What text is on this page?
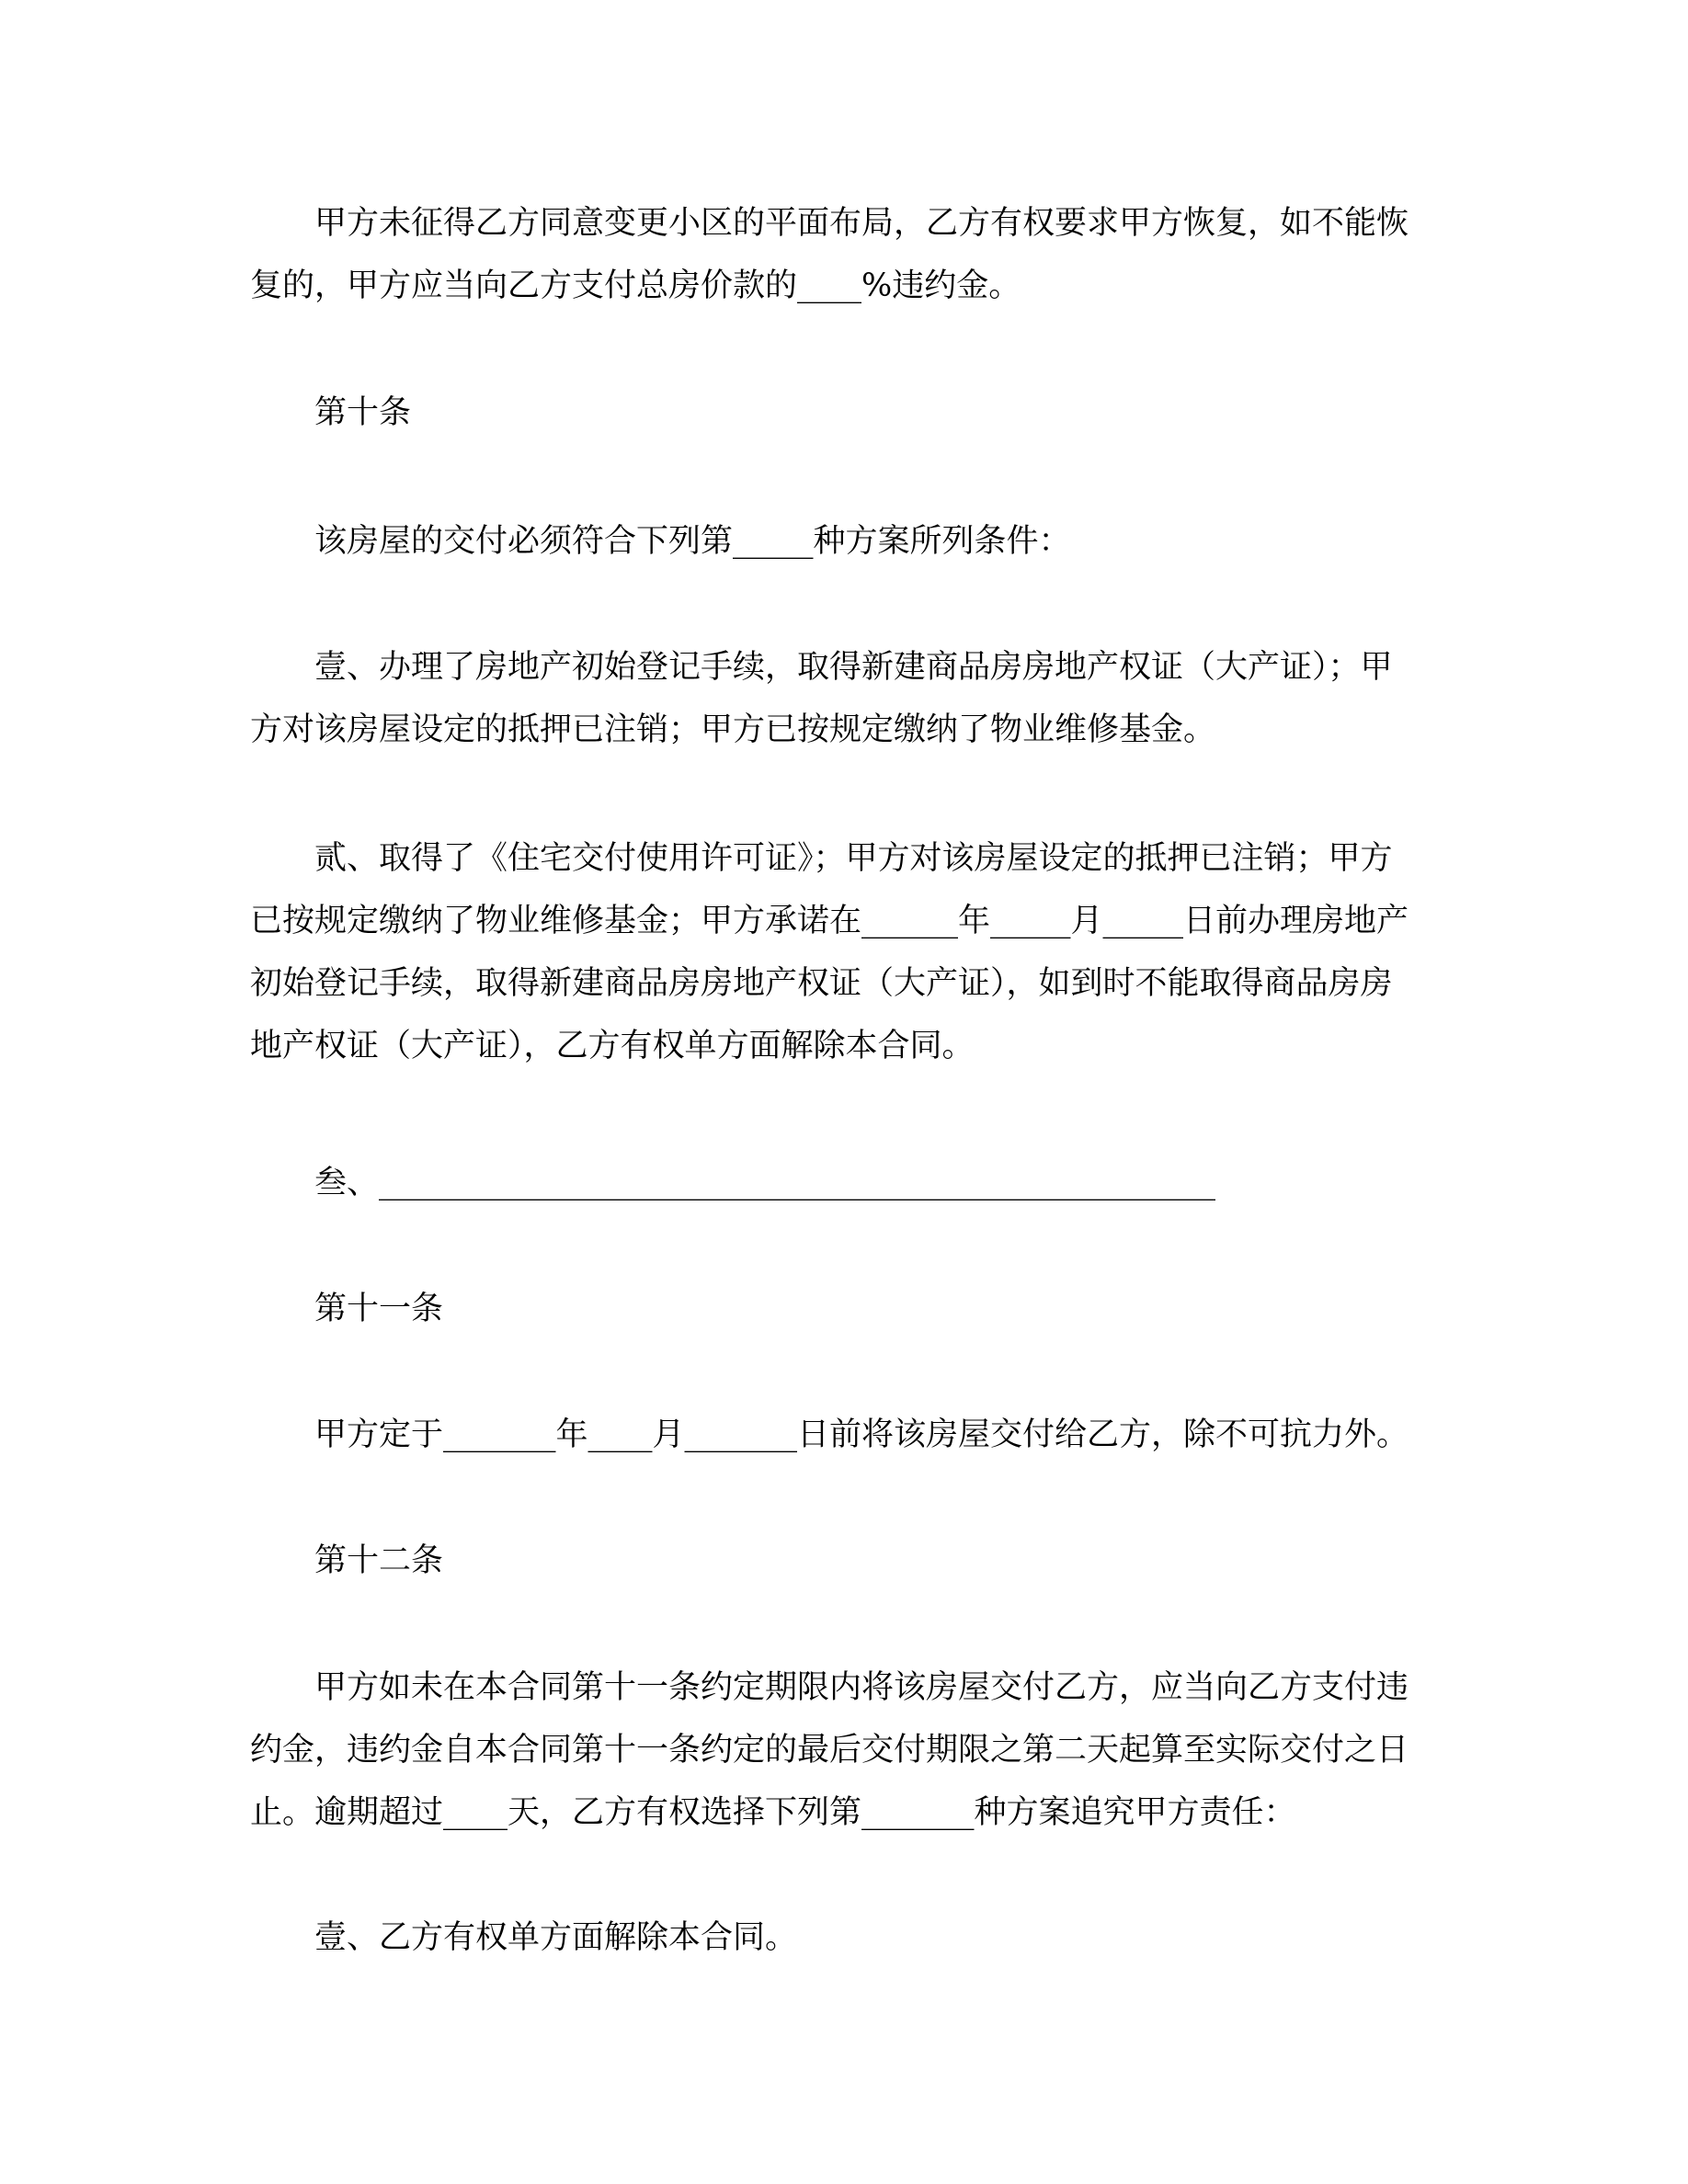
甲方未征得乙方同意变更小区的平面布局，乙方有权要求甲方恢复，如不能恢
复的，甲方应当向乙方支付总房价款的____%违约金。

第十条

该房屋的交付必须符合下列第_____种方案所列条件：

壹、办理了房地产初始登记手续，取得新建商品房房地产权证（大产证）；甲
方对该房屋设定的抵押已注销；甲方已按规定缴纳了物业维修基金。

贰、取得了《住宅交付使用许可证》；甲方对该房屋设定的抵押已注销；甲方
已按规定缴纳了物业维修基金；甲方承诺在______年_____月_____日前办理房地产
初始登记手续，取得新建商品房房地产权证（大产证），如到时不能取得商品房房
地产权证（大产证），乙方有权单方面解除本合同。

叁、____________________________________________________

第十一条

甲方定于_______年____月_______日前将该房屋交付给乙方，除不可抗力外。

第十二条

甲方如未在本合同第十一条约定期限内将该房屋交付乙方，应当向乙方支付违
约金，违约金自本合同第十一条约定的最后交付期限之第二天起算至实际交付之日
止。逾期超过____天，乙方有权选择下列第_______种方案追究甲方责任：

壹、乙方有权单方面解除本合同。
